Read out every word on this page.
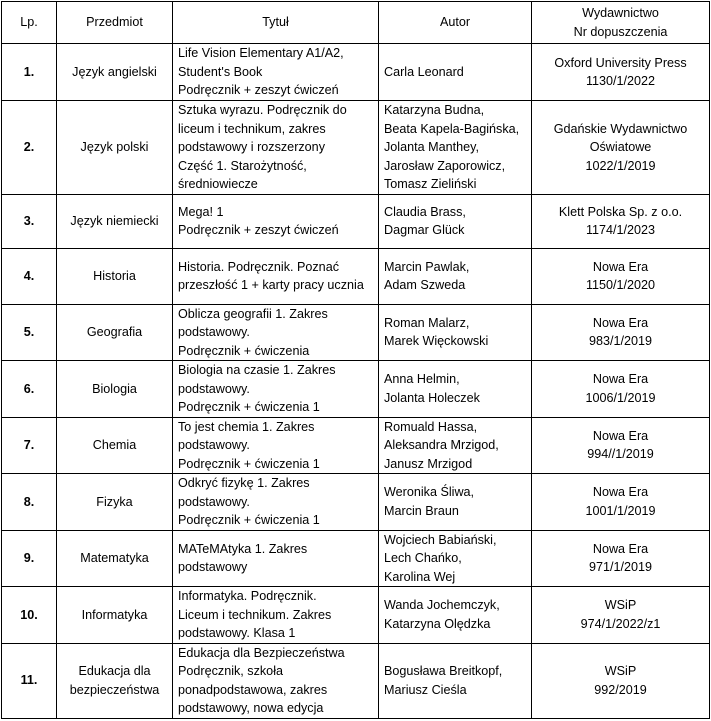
Lp.	Przedmiot	Tytuł	Autor	Wydawnictwo
Nr dopuszczenia

1.	Język angielski	Life Vision Elementary A1/A2,
Student's Book
Podręcznik + zeszyt ćwiczeń	Carla Leonard	Oxford University Press
1130/1/2022

2.	Język polski	Sztuka wyrazu. Podręcznik do
liceum i technikum, zakres
podstawowy i rozszerzony
Część 1. Starożytność,
średniowiecze	Katarzyna Budna,
Beata Kapela-Bagińska,
Jolanta Manthey,
Jarosław Zaporowicz,
Tomasz Zieliński	Gdańskie Wydawnictwo
Oświatowe
1022/1/2019

3.	Język niemiecki	Mega! 1
Podręcznik + zeszyt ćwiczeń	Claudia Brass,
Dagmar Glück	Klett Polska Sp. z o.o.
1174/1/2023

4.	Historia	Historia. Podręcznik. Poznać
przeszłość 1 + karty pracy ucznia	Marcin Pawlak,
Adam Szweda	Nowa Era
1150/1/2020

5.	Geografia	Oblicza geografii 1. Zakres
podstawowy.
Podręcznik + ćwiczenia	Roman Malarz,
Marek Więckowski	Nowa Era
983/1/2019

6.	Biologia	Biologia na czasie 1. Zakres
podstawowy.
Podręcznik + ćwiczenia 1	Anna Helmin,
Jolanta Holeczek	Nowa Era
1006/1/2019

7.	Chemia	To jest chemia 1. Zakres
podstawowy.
Podręcznik + ćwiczenia 1	Romuald Hassa,
Aleksandra Mrzigod,
Janusz Mrzigod	Nowa Era
994//1/2019

8.	Fizyka	Odkryć fizykę 1. Zakres
podstawowy.
Podręcznik + ćwiczenia 1	Weronika Śliwa,
Marcin Braun	Nowa Era
1001/1/2019

9.	Matematyka	MATeMAtyka 1. Zakres
podstawowy	Wojciech Babiański,
Lech Chańko,
Karolina Wej	Nowa Era
971/1/2019

10.	Informatyka	Informatyka. Podręcznik.
Liceum i technikum. Zakres
podstawowy. Klasa 1	Wanda Jochemczyk,
Katarzyna Olędzka	WSiP
974/1/2022/z1

11.	Edukacja dla
bezpieczeństwa	Edukacja dla Bezpieczeństwa
Podręcznik, szkoła
ponadpodstawowa, zakres
podstawowy, nowa edycja	Bogusława Breitkopf,
Mariusz Cieśla	WSiP
992/2019
